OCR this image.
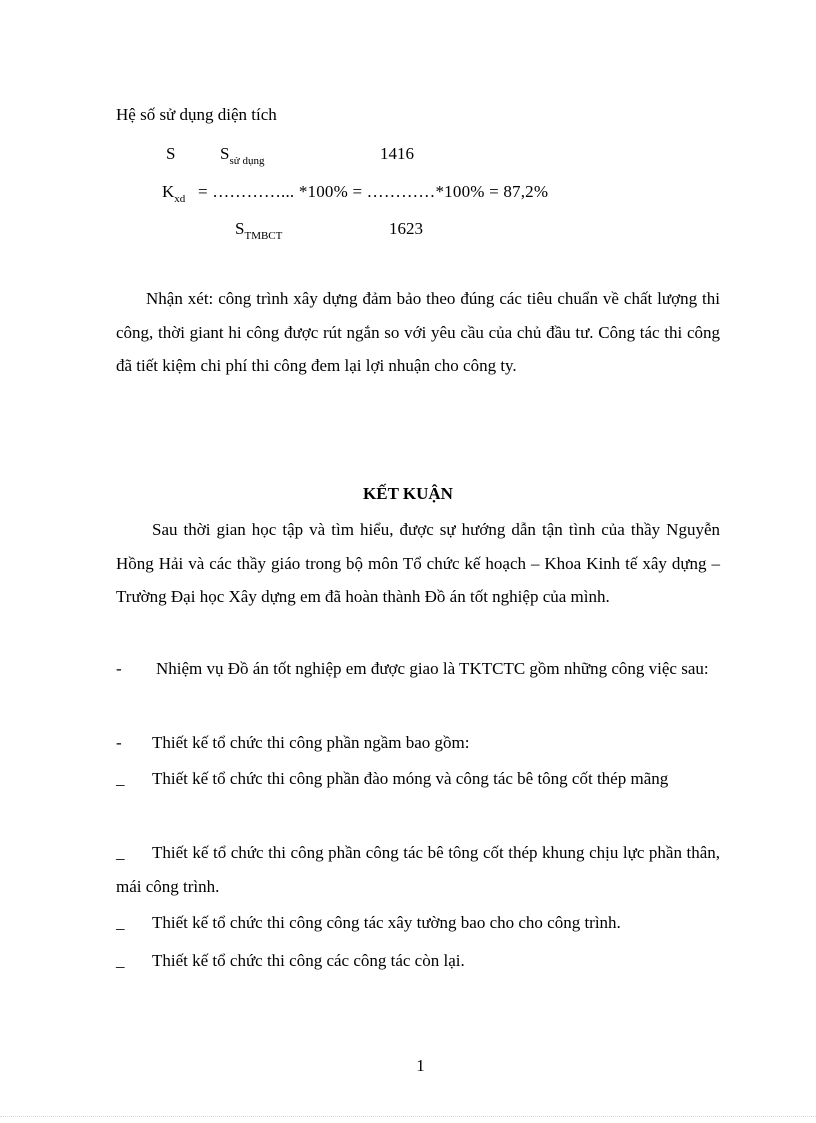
Hệ số sử dụng diện tích
S	$S_{sử dụng}$	1416
$K_{xd}$ = …………... *100% = …………*100% = 87,2%
$S_{TMBCT}$	1623
Nhận xét: công trình xây dựng đảm bảo theo đúng các tiêu chuẩn về chất lượng thi công, thời giant hi công được rút ngắn so với yêu cầu của chủ đầu tư. Công tác thi công đã tiết kiệm chi phí thi công đem lại lợi nhuận cho công ty.
KẾT KUẬN
Sau thời gian học tập và tìm hiểu, được sự hướng dẫn tận tình của thầy Nguyễn Hồng Hải và các thầy giáo trong bộ môn Tổ chức kế hoạch – Khoa Kinh tế xây dựng – Trường Đại học Xây dựng em đã hoàn thành Đồ án tốt nghiệp của mình.
-	Nhiệm vụ Đồ án tốt nghiệp em được giao là TKTCTC gồm những công việc sau:
-	Thiết kế tổ chức thi công phần ngầm bao gồm:
_	Thiết kế tổ chức thi công phần đào móng và công tác bê tông cốt thép mãng
_	Thiết kế tổ chức thi công phần công tác bê tông cốt thép khung chịu lực phần thân, mái công trình.
_	Thiết kế tổ chức thi công công tác xây tường bao cho cho công trình.
_	Thiết kế tổ chức thi công các công tác còn lại.
1
